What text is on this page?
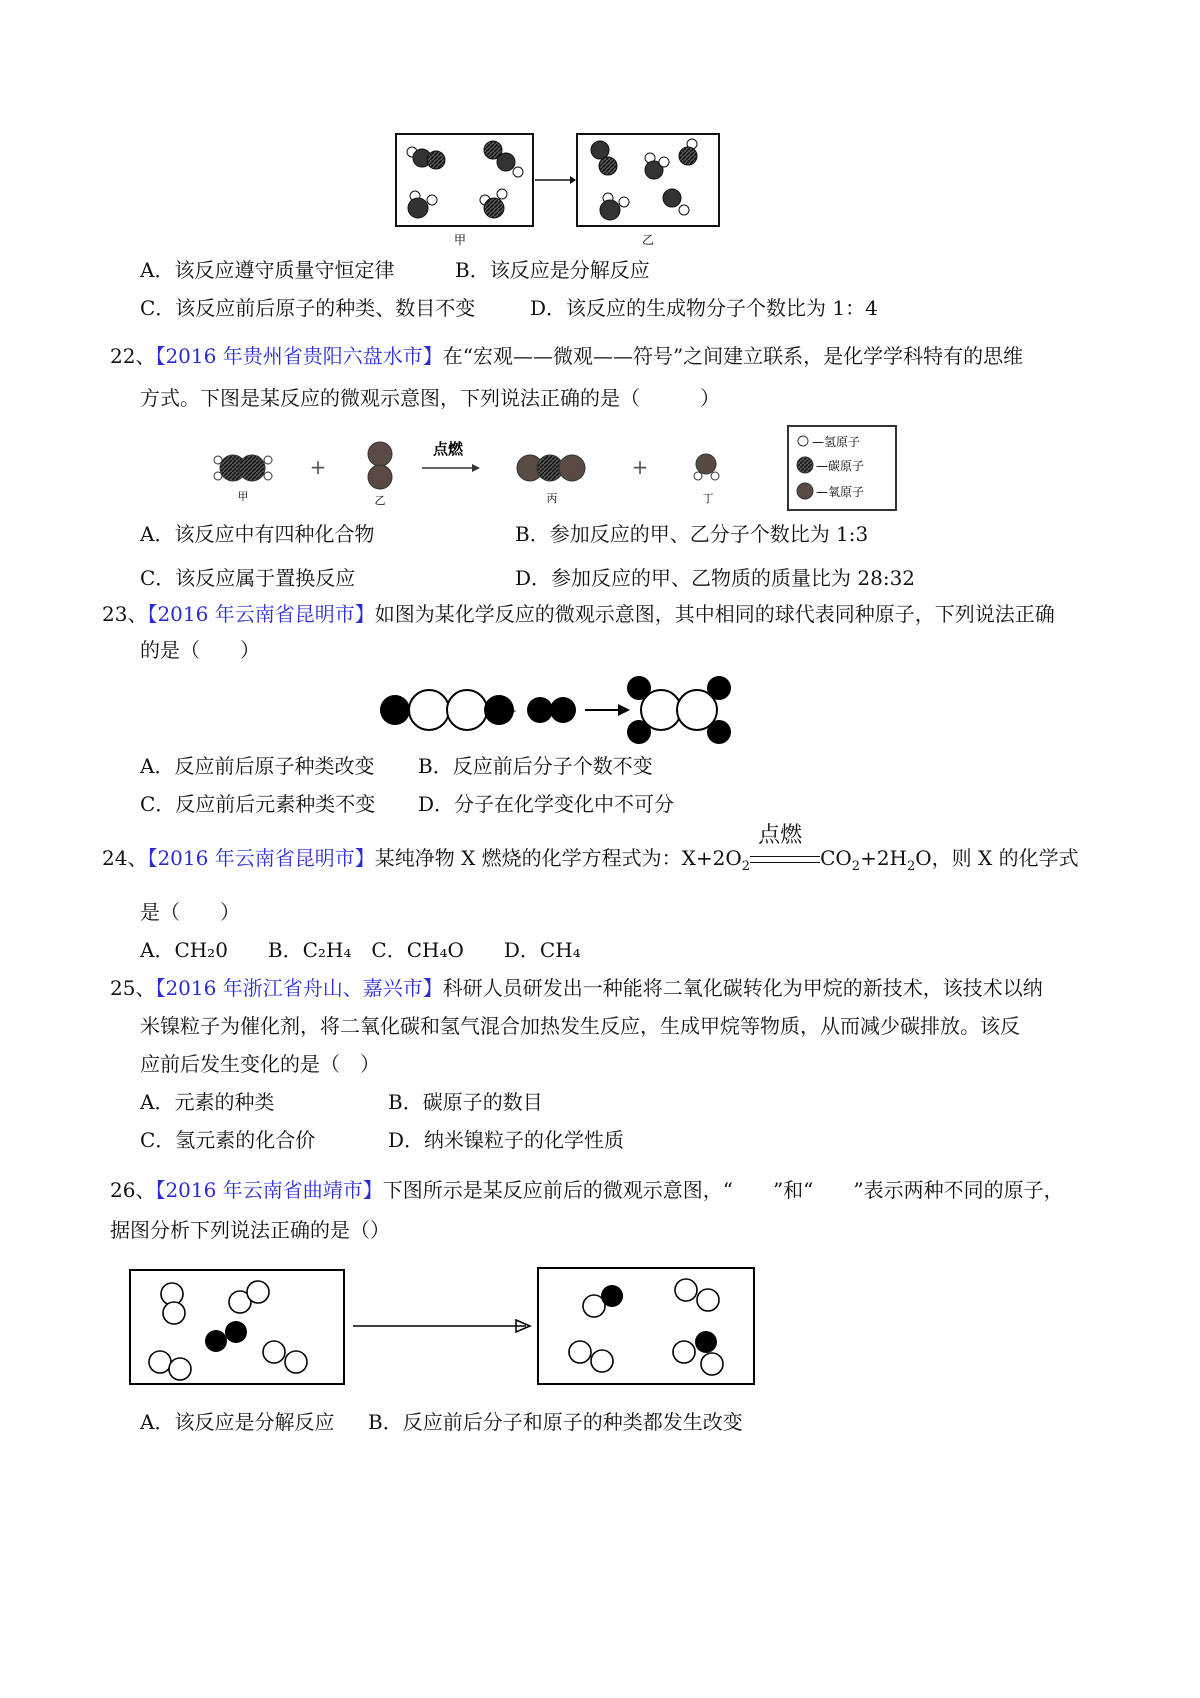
甲	乙
A．该反应遵守质量守恒定律	B．该反应是分解反应
C．该反应前后原子的种类、数目不变	D．该反应的生成物分子个数比为 1：4
22、【2016 年贵州省贵阳六盘水市】在“宏观——微观——符号”之间建立联系，是化学学科特有的思维
方式。下图是某反应的微观示意图，下列说法正确的是（　　　）
甲
+
乙
点燃
丙
+
丁
—氢原子
—碳原子
—氧原子
A．该反应中有四种化合物	B．参加反应的甲、乙分子个数比为 1:3
C．该反应属于置换反应	D．参加反应的甲、乙物质的质量比为 28:32
23、【2016 年云南省昆明市】如图为某化学反应的微观示意图，其中相同的球代表同种原子，下列说法正确
的是（　　）
+
A．反应前后原子种类改变 B．反应前后分子个数不变
C．反应前后元素种类不变 D．分子在化学变化中不可分
24、【2016 年云南省昆明市】某纯净物 X 燃烧的化学方程式为：$X+2O_2$
点燃
$CO_2+2H_2O$，则 X 的化学式
是（　　）
A．CH₂0　　B．C₂H₄　C．CH₄O　　D．CH₄
25、【2016 年浙江省舟山、嘉兴市】科研人员研发出一种能将二氧化碳转化为甲烷的新技术，该技术以纳
米镍粒子为催化剂，将二氧化碳和氢气混合加热发生反应，生成甲烷等物质，从而减少碳排放。该反
应前后发生变化的是（　）
A．元素的种类	B．碳原子的数目
C．氢元素的化合价	D．纳米镍粒子的化学性质
26、【2016 年云南省曲靖市】下图所示是某反应前后的微观示意图，“　　”和“　　”表示两种不同的原子，
据图分析下列说法正确的是（）
A．该反应是分解反应 B．反应前后分子和原子的种类都发生改变
